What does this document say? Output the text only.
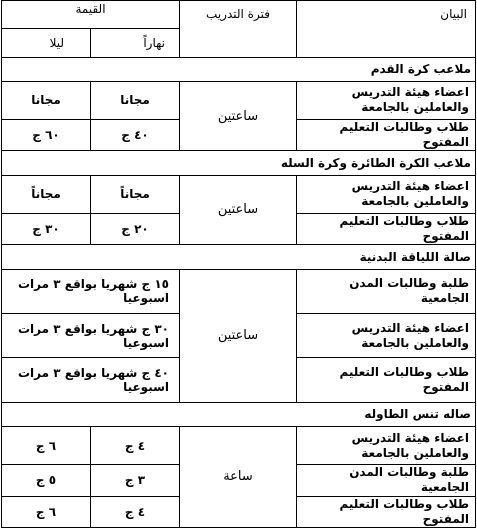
البيان	فترة التدريب	القيمة	
		نهاراً	ليلا
ملاعب كرة القدم			
اعضاء هيئة التدريس والعاملين بالجامعة	ساعتين	مجانا	مجانا
طلاب وطالبات التعليم المفتوح		٤٠ ج	٦٠ ج
ملاعب الكرة الطائرة وكرة السله			
اعضاء هيئة التدريس والعاملين بالجامعة	ساعتين	مجاناً	مجاناً
طلاب وطالبات التعليم المفتوح		٢٠ ج	٣٠ ج
صالة اللياقة البدنية			
طلبة وطالبات المدن الجامعية	ساعتين	١٥ ج شهريا بواقع ٣ مرات اسبوعيا	
اعضاء هيئة التدريس والعاملين بالجامعة		٣٠ ج شهريا بواقع ٣ مرات اسبوعيا	
طلاب وطالبات التعليم المفتوح		٤٠ ج شهريا بواقع ٣ مرات اسبوعيا	
صاله تنس الطاوله			
اعضاء هيئة التدريس والعاملين بالجامعة	ساعة	٤ ج	٦ ج
طلبة وطالبات المدن الجامعية		٣ ج	٥ ج
طلاب وطالبات التعليم المفتوح		٤ ج	٦ ج
